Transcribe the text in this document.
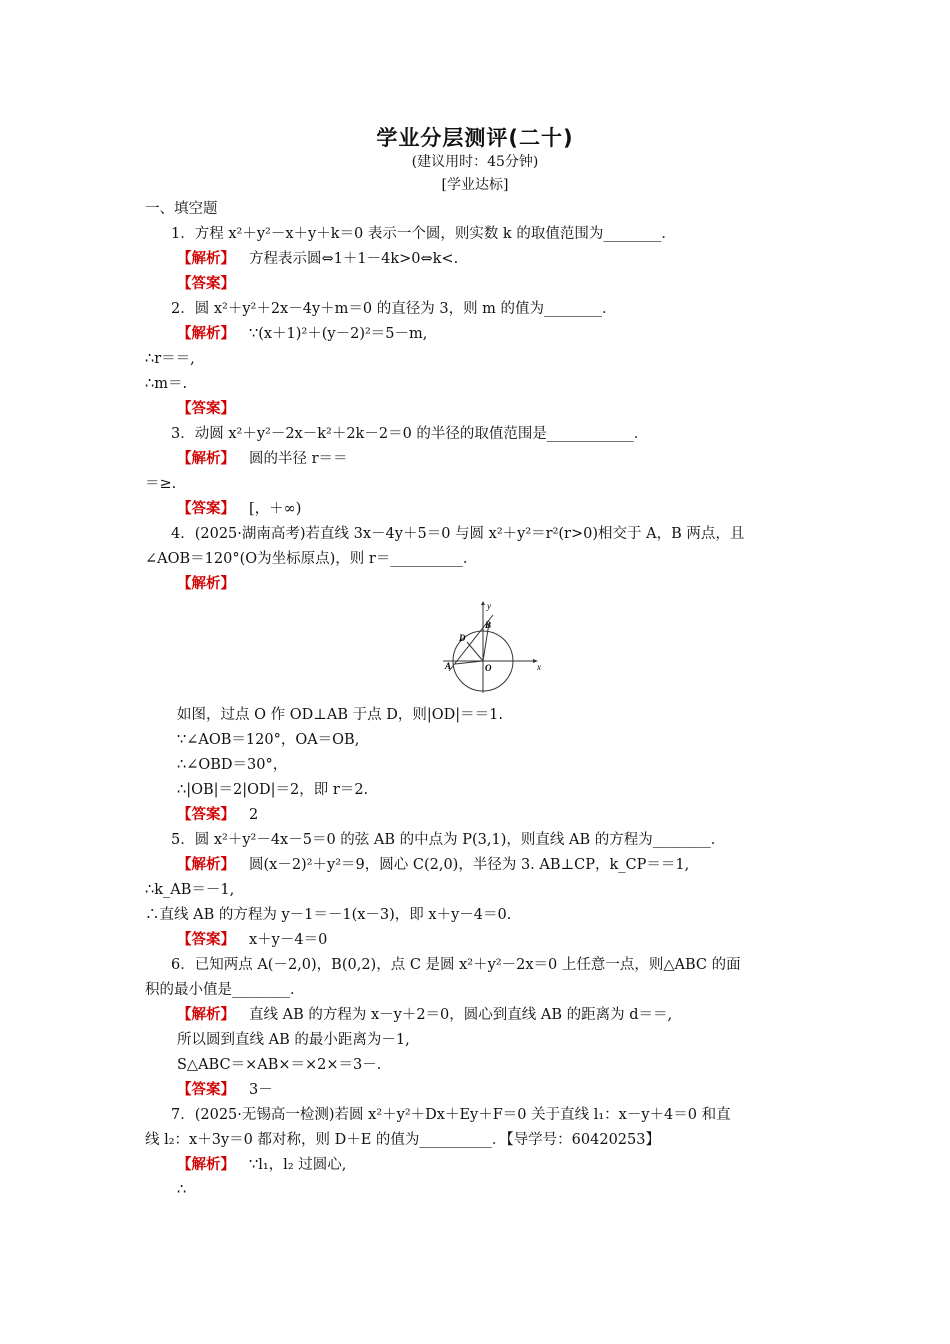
学业分层测评(二十)
(建议用时：45分钟)
[学业达标]
一、填空题
1．方程 x²＋y²－x＋y＋k＝0 表示一个圆，则实数 k 的取值范围为________．
【解析】 方程表示圆⇔1＋1－4k>0⇔k<.
【答案】
2．圆 x²＋y²＋2x－4y＋m＝0 的直径为 3，则 m 的值为________．
【解析】 ∵(x＋1)²＋(y－2)²＝5－m,
∴r＝＝,
∴m＝.
【答案】
3．动圆 x²＋y²－2x－k²＋2k－2＝0 的半径的取值范围是____________．
【解析】 圆的半径 r＝＝
＝≥.
【答案】 [，＋∞)
4．(2025·湖南高考)若直线 3x－4y＋5＝0 与圆 x²＋y²＝r²(r>0)相交于 A，B 两点，且
∠AOB＝120°(O为坐标原点)，则 r＝__________．
【解析】
x
y
A
B
D
O
如图，过点 O 作 OD⊥AB 于点 D，则|OD|＝＝1.
∵∠AOB＝120°，OA＝OB,
∴∠OBD＝30°，
∴|OB|＝2|OD|＝2，即 r＝2.
【答案】 2
5．圆 x²＋y²－4x－5＝0 的弦 AB 的中点为 P(3,1)，则直线 AB 的方程为________．
【解析】 圆(x－2)²＋y²＝9，圆心 C(2,0)，半径为 3. AB⊥CP，k_CP＝＝1,
∴k_AB＝－1,
∴直线 AB 的方程为 y－1＝－1(x－3)，即 x＋y－4＝0.
【答案】 x＋y－4＝0
6．已知两点 A(－2,0)，B(0,2)，点 C 是圆 x²＋y²－2x＝0 上任意一点，则△ABC 的面
积的最小值是________．
【解析】 直线 AB 的方程为 x－y＋2＝0，圆心到直线 AB 的距离为 d＝＝,
所以圆到直线 AB 的最小距离为－1,
S△ABC＝×AB×＝×2×＝3－.
【答案】 3－
7．(2025·无锡高一检测)若圆 x²＋y²＋Dx＋Ey＋F＝0 关于直线 l₁：x－y＋4＝0 和直
线 l₂：x＋3y＝0 都对称，则 D＋E 的值为__________．【导学号：60420253】
【解析】 ∵l₁，l₂ 过圆心,
∴
